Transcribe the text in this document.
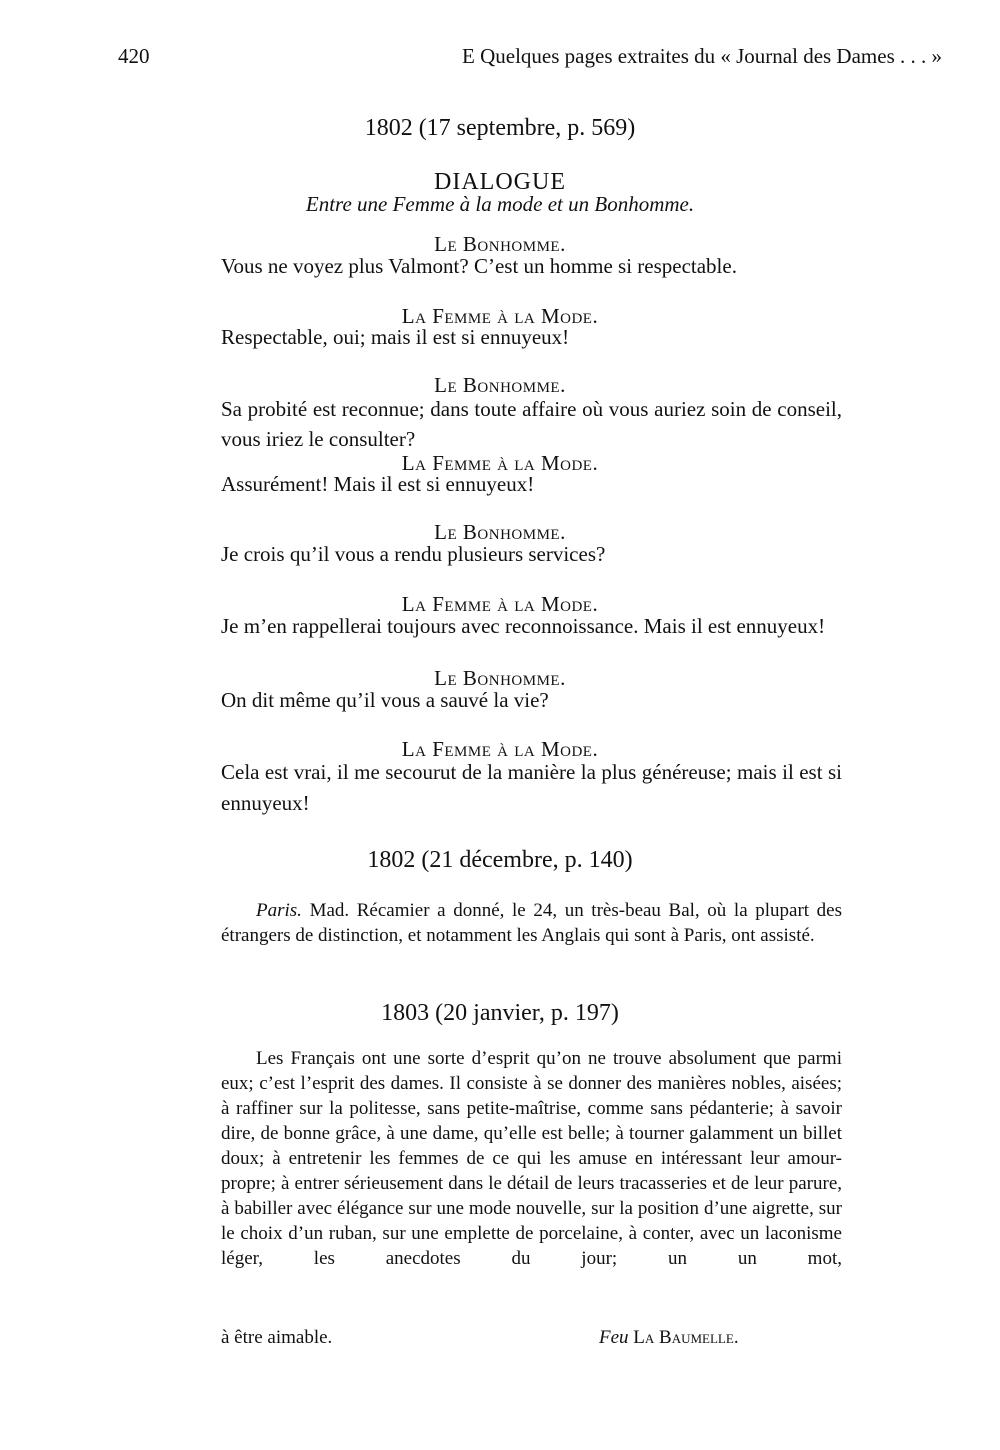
420	E Quelques pages extraites du « Journal des Dames . . . »
1802 (17 septembre, p. 569)
DIALOGUE
Entre une Femme à la mode et un Bonhomme.
Le Bonhomme.
Vous ne voyez plus Valmont? C’est un homme si respectable.
La Femme à la Mode.
Respectable, oui; mais il est si ennuyeux!
Le Bonhomme.
Sa probité est reconnue; dans toute affaire où vous auriez soin de conseil, vous iriez le consulter?
La Femme à la Mode.
Assurément! Mais il est si ennuyeux!
Le Bonhomme.
Je crois qu’il vous a rendu plusieurs services?
La Femme à la Mode.
Je m’en rappellerai toujours avec reconnoissance. Mais il est ennuyeux!
Le Bonhomme.
On dit même qu’il vous a sauvé la vie?
La Femme à la Mode.
Cela est vrai, il me secourut de la manière la plus généreuse; mais il est si ennuyeux!
1802 (21 décembre, p. 140)
Paris. Mad. Récamier a donné, le 24, un très-beau Bal, où la plupart des étrangers de distinction, et notamment les Anglais qui sont à Paris, ont assisté.
1803 (20 janvier, p. 197)
Les Français ont une sorte d’esprit qu’on ne trouve absolument que parmi eux; c’est l’esprit des dames. Il consiste à se donner des manières nobles, aisées; à raffiner sur la politesse, sans petite-maîtrise, comme sans pédanterie; à savoir dire, de bonne grâce, à une dame, qu’elle est belle; à tourner galamment un billet doux; à entretenir les femmes de ce qui les amuse en intéressant leur amour-propre; à entrer sérieusement dans le détail de leurs tracasseries et de leur parure, à babiller avec élégance sur une mode nouvelle, sur la position d’une aigrette, sur le choix d’un ruban, sur une emplette de porcelaine, à conter, avec un laconisme léger, les anecdotes du jour; un un mot,
à être aimable.	Feu La Baumelle.
